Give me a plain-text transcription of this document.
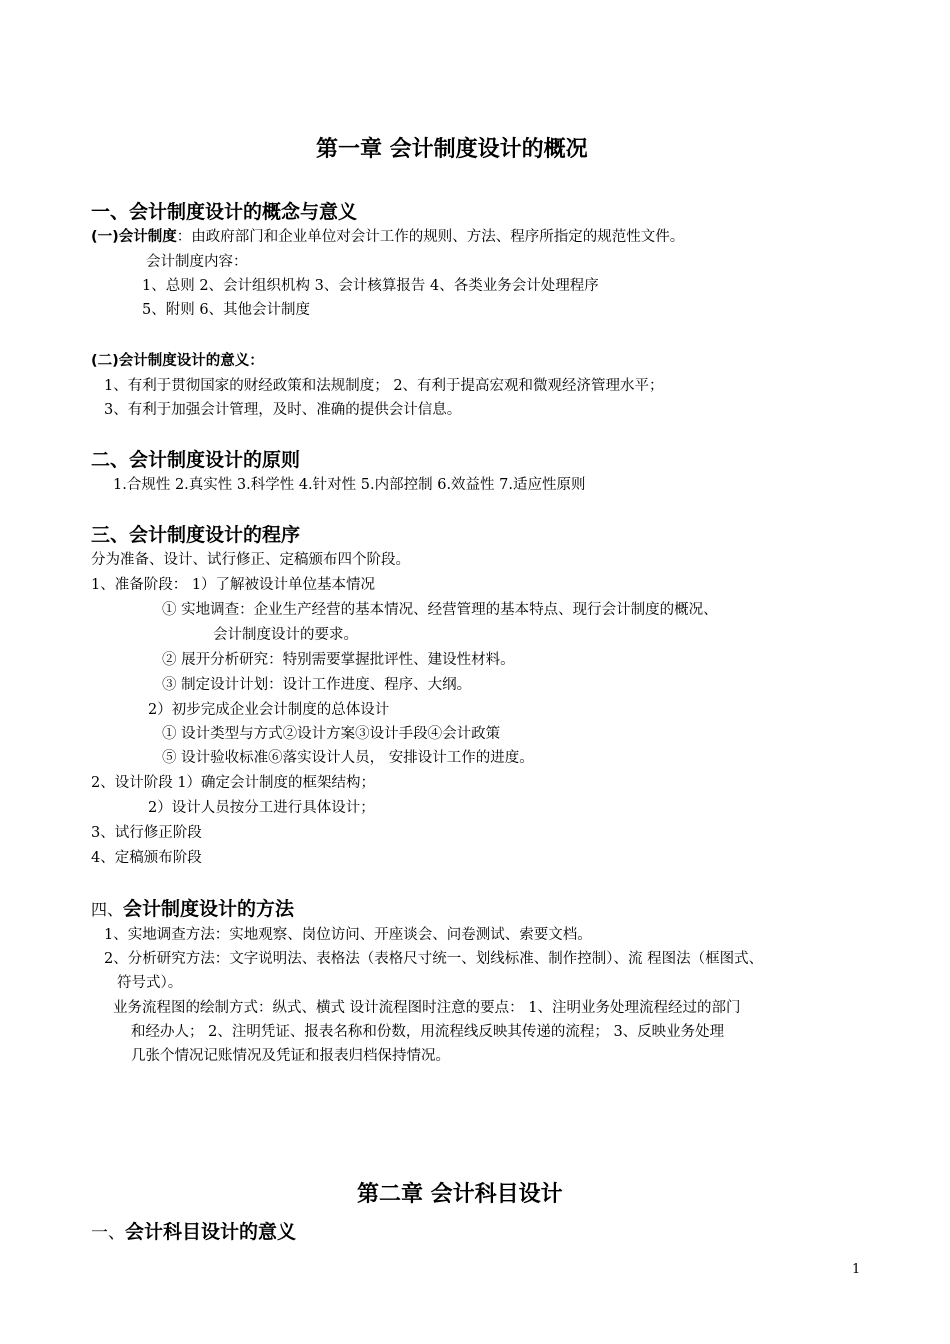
第一章 会计制度设计的概况
一、会计制度设计的概念与意义
(一)会计制度：由政府部门和企业单位对会计工作的规则、方法、程序所指定的规范性文件。
会计制度内容：
1、总则 2、会计组织机构 3、会计核算报告 4、各类业务会计处理程序
5、附则 6、其他会计制度
(二)会计制度设计的意义：
1、有利于贯彻国家的财经政策和法规制度； 2、有利于提高宏观和微观经济管理水平；
3、有利于加强会计管理，及时、准确的提供会计信息。
二、会计制度设计的原则
1.合规性 2.真实性 3.科学性 4.针对性 5.内部控制 6.效益性 7.适应性原则
三、会计制度设计的程序
分为准备、设计、试行修正、定稿颁布四个阶段。
1、准备阶段： 1）了解被设计单位基本情况
① 实地调查：企业生产经营的基本情况、经营管理的基本特点、现行会计制度的概况、
会计制度设计的要求。
② 展开分析研究：特别需要掌握批评性、建设性材料。
③ 制定设计计划：设计工作进度、程序、大纲。
2）初步完成企业会计制度的总体设计
① 设计类型与方式②设计方案③设计手段④会计政策
⑤ 设计验收标准⑥落实设计人员， 安排设计工作的进度。
2、设计阶段 1）确定会计制度的框架结构；
2）设计人员按分工进行具体设计；
3、试行修正阶段
4、定稿颁布阶段
四、会计制度设计的方法
1、实地调查方法：实地观察、岗位访问、开座谈会、问卷测试、索要文档。
2、分析研究方法：文字说明法、表格法（表格尺寸统一、划线标准、制作控制）、流 程图法（框图式、
符号式）。
业务流程图的绘制方式：纵式、横式 设计流程图时注意的要点： 1、注明业务处理流程经过的部门
和经办人； 2、注明凭证、报表名称和份数，用流程线反映其传递的流程； 3、反映业务处理
几张个情况记账情况及凭证和报表归档保持情况。
第二章 会计科目设计
一、会计科目设计的意义
1
